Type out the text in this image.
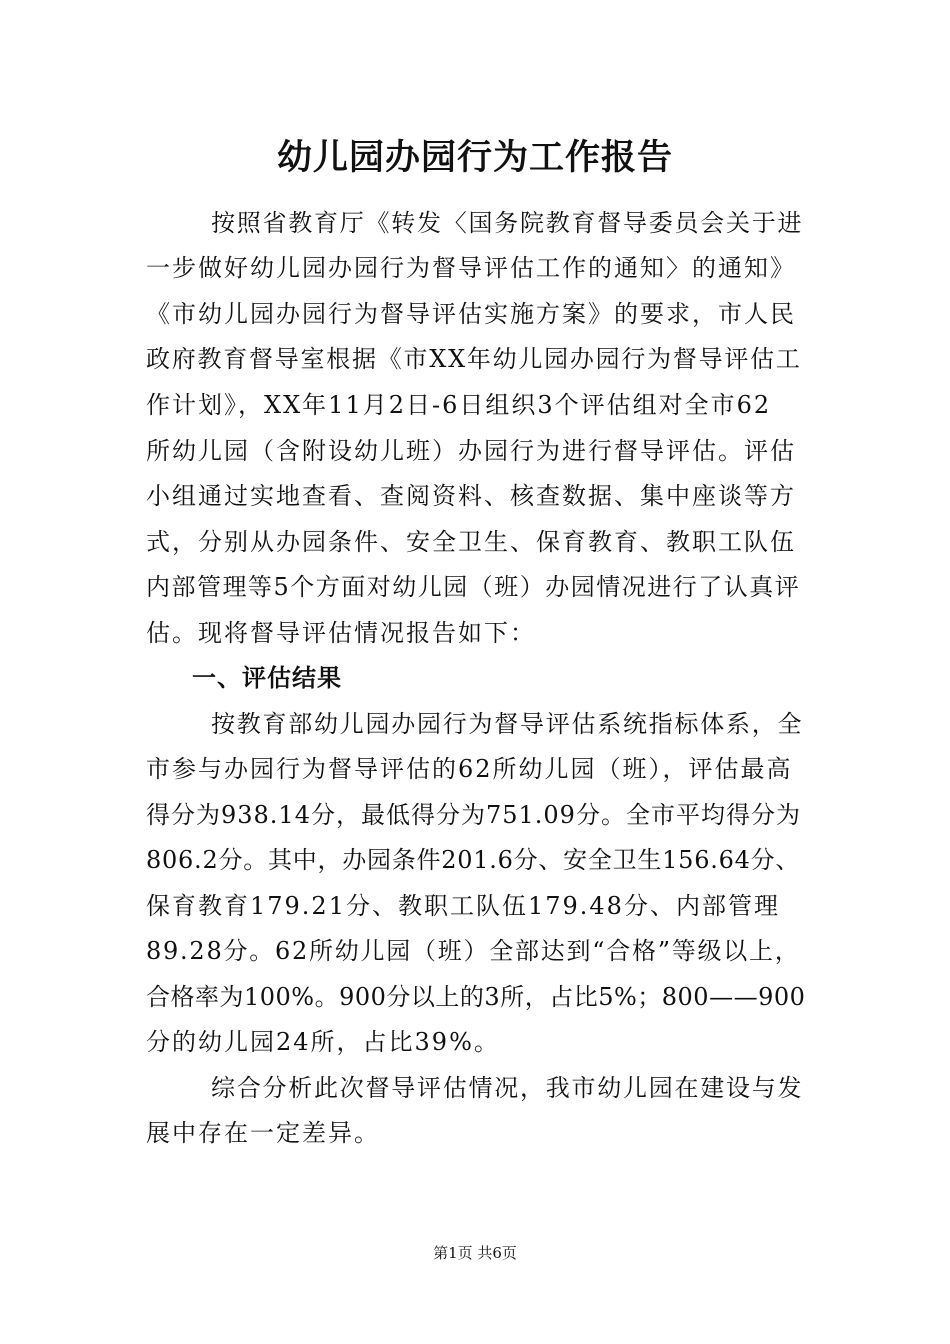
幼儿园办园行为工作报告

按照省教育厅《转发〈国务院教育督导委员会关于进

一步做好幼儿园办园行为督导评估工作的通知〉的通知》

《市幼儿园办园行为督导评估实施方案》的要求，市人民

政府教育督导室根据《市XX年幼儿园办园行为督导评估工

作计划》，XX年11月2日-6日组织3个评估组对全市62

所幼儿园（含附设幼儿班）办园行为进行督导评估。评估

小组通过实地查看、查阅资料、核查数据、集中座谈等方

式，分别从办园条件、安全卫生、保育教育、教职工队伍

内部管理等5个方面对幼儿园（班）办园情况进行了认真评

估。现将督导评估情况报告如下：

一、评估结果

按教育部幼儿园办园行为督导评估系统指标体系，全

市参与办园行为督导评估的62所幼儿园（班），评估最高

得分为938.14分，最低得分为751.09分。全市平均得分为

806.2分。其中，办园条件201.6分、安全卫生156.64分、

保育教育179.21分、教职工队伍179.48分、内部管理

89.28分。62所幼儿园（班）全部达到“合格”等级以上，

合格率为100%。900分以上的3所，占比5%；800——900

分的幼儿园24所，占比39%。

综合分析此次督导评估情况，我市幼儿园在建设与发

展中存在一定差异。

第1页 共6页
